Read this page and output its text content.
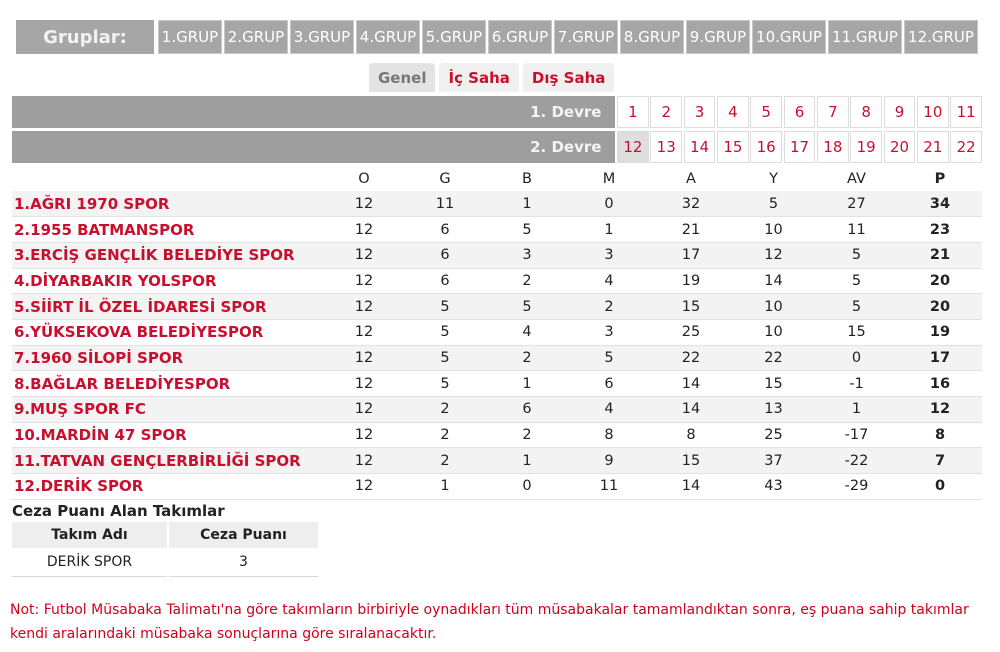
Gruplar:	1.GRUP 2.GRUP 3.GRUP 4.GRUP 5.GRUP 6.GRUP 7.GRUP 8.GRUP 9.GRUP 10.GRUP 11.GRUP 12.GRUP
Genel	İç Saha	Dış Saha
1. Devre	1	2	3	4	5	6	7	8	9	10 11
2. Devre	12 13 14 15 16 17 18 19 20 21 22
	O	G	B	M	A	Y	AV	P
1.AĞRI 1970 SPOR	12	11	1	0	32	5	27	34
2.1955 BATMANSPOR	12	6	5	1	21	10	11	23
3.ERCİŞ GENÇLİK BELEDİYE SPOR	12	6	3	3	17	12	5	21
4.DİYARBAKIR YOLSPOR	12	6	2	4	19	14	5	20
5.SİİRT İL ÖZEL İDARESİ SPOR	12	5	5	2	15	10	5	20
6.YÜKSEKOVA BELEDİYESPOR	12	5	4	3	25	10	15	19
7.1960 SİLOPİ SPOR	12	5	2	5	22	22	0	17
8.BAĞLAR BELEDİYESPOR	12	5	1	6	14	15	-1	16
9.MUŞ SPOR FC	12	2	6	4	14	13	1	12
10.MARDİN 47 SPOR	12	2	2	8	8	25	-17	8
11.TATVAN GENÇLERBİRLİĞİ SPOR	12	2	1	9	15	37	-22	7
12.DERİK SPOR	12	1	0	11	14	43	-29	0
Ceza Puanı Alan Takımlar
Takım Adı	Ceza Puanı
DERİK SPOR	3
Not: Futbol Müsabaka Talimatı'na göre takımların birbiriyle oynadıkları tüm müsabakalar tamamlandıktan sonra, eş puana sahip takımlar kendi aralarındaki müsabaka sonuçlarına göre sıralanacaktır.
